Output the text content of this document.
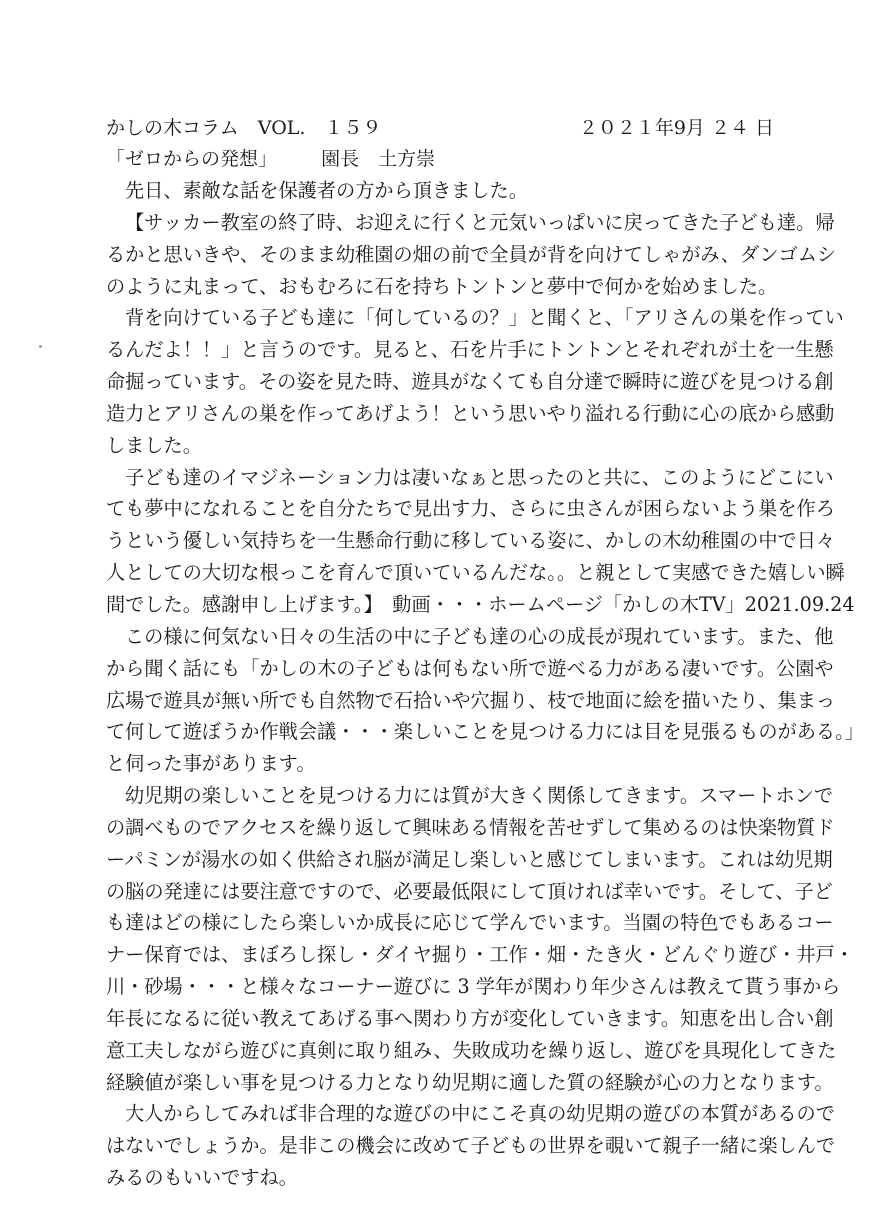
かしの木コラム　VOL.　１５９	２０２１年9月 ２４ 日
「ゼロからの発想」 園長　土方崇
先日、素敵な話を保護者の方から頂きました。
【サッカー教室の終了時、お迎えに行くと元気いっぱいに戻ってきた子ども達。帰
るかと思いきや、そのまま幼稚園の畑の前で全員が背を向けてしゃがみ、ダンゴムシ
のように丸まって、おもむろに石を持ちトントンと夢中で何かを始めました。
背を向けている子ども達に「何しているの？」と聞くと、「アリさんの巣を作ってい
るんだよ！！」と言うのです。見ると、石を片手にトントンとそれぞれが土を一生懸
命掘っています。その姿を見た時、遊具がなくても自分達で瞬時に遊びを見つける創
造力とアリさんの巣を作ってあげよう！という思いやり溢れる行動に心の底から感動
しました。
子ども達のイマジネーション力は凄いなぁと思ったのと共に、このようにどこにい
ても夢中になれることを自分たちで見出す力、さらに虫さんが困らないよう巣を作ろ
うという優しい気持ちを一生懸命行動に移している姿に、かしの木幼稚園の中で日々
人としての大切な根っこを育んで頂いているんだな。。と親として実感できた嬉しい瞬
間でした。感謝申し上げます。】　動画・・・ホームページ「かしの木TV」2021.09.24
この様に何気ない日々の生活の中に子ども達の心の成長が現れています。また、他
から聞く話にも「かしの木の子どもは何もない所で遊べる力がある凄いです。公園や
広場で遊具が無い所でも自然物で石拾いや穴掘り、枝で地面に絵を描いたり、集まっ
て何して遊ぼうか作戦会議・・・楽しいことを見つける力には目を見張るものがある。」
と伺った事があります。
幼児期の楽しいことを見つける力には質が大きく関係してきます。スマートホンで
の調べものでアクセスを繰り返して興味ある情報を苦せずして集めるのは快楽物質ド
ーパミンが湯水の如く供給され脳が満足し楽しいと感じてしまいます。これは幼児期
の脳の発達には要注意ですので、必要最低限にして頂ければ幸いです。そして、子ど
も達はどの様にしたら楽しいか成長に応じて学んでいます。当園の特色でもあるコー
ナー保育では、まぼろし探し・ダイヤ掘り・工作・畑・たき火・どんぐり遊び・井戸・
川・砂場・・・と様々なコーナー遊びに 3 学年が関わり年少さんは教えて貰う事から
年長になるに従い教えてあげる事へ関わり方が変化していきます。知恵を出し合い創
意工夫しながら遊びに真剣に取り組み、失敗成功を繰り返し、遊びを具現化してきた
経験値が楽しい事を見つける力となり幼児期に適した質の経験が心の力となります。
大人からしてみれば非合理的な遊びの中にこそ真の幼児期の遊びの本質があるので
はないでしょうか。是非この機会に改めて子どもの世界を覗いて親子一緒に楽しんで
みるのもいいですね。
